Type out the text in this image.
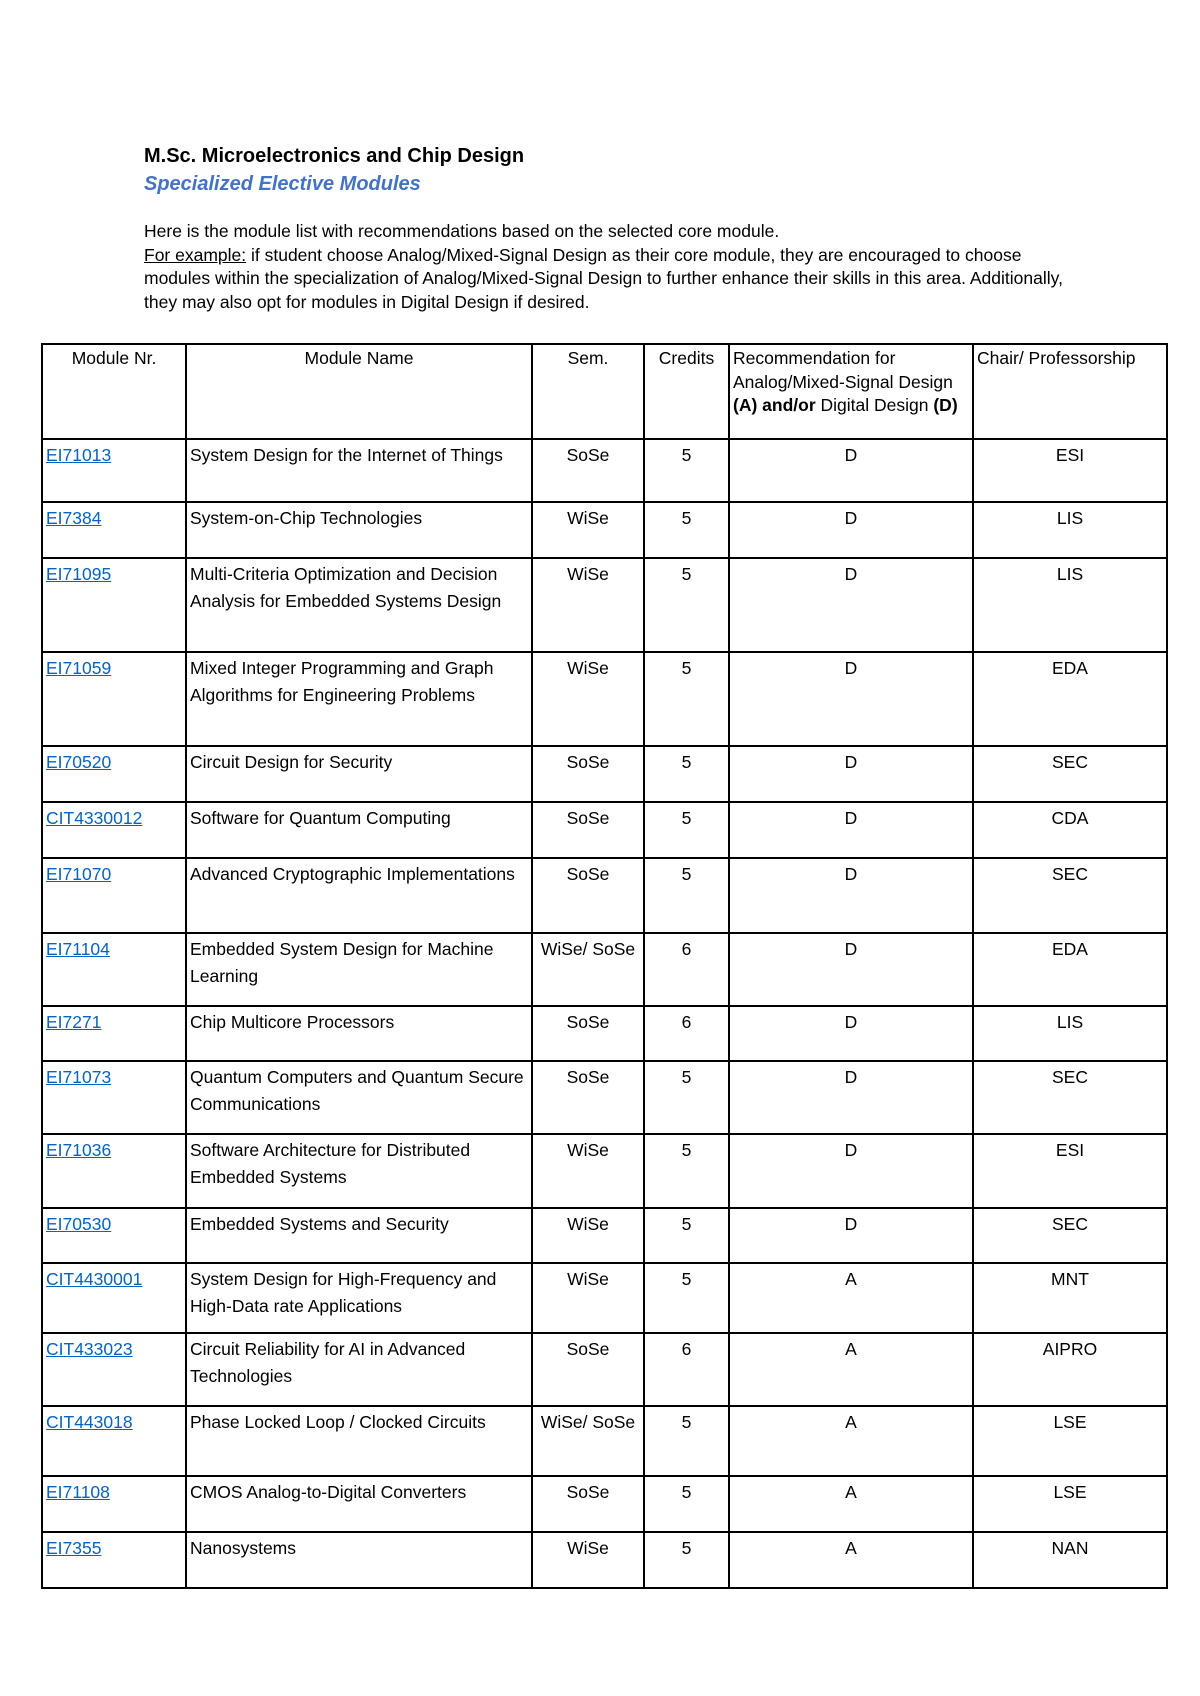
M.Sc. Microelectronics and Chip Design
Specialized Elective Modules

Here is the module list with recommendations based on the selected core module.

For example: if student choose Analog/Mixed-Signal Design as their core module, they are encouraged to choose modules within the specialization of Analog/Mixed-Signal Design to further enhance their skills in this area. Additionally, they may also opt for modules in Digital Design if desired.

Module Nr.	Module Name	Sem.	Credits	Recommendation for Analog/Mixed-Signal Design (A) and/or Digital Design (D)	Chair/ Professorship
EI71013	System Design for the Internet of Things	SoSe	5	D	ESI
EI7384	System-on-Chip Technologies	WiSe	5	D	LIS
EI71095	Multi-Criteria Optimization and Decision Analysis for Embedded Systems Design	WiSe	5	D	LIS
EI71059	Mixed Integer Programming and Graph Algorithms for Engineering Problems	WiSe	5	D	EDA
EI70520	Circuit Design for Security	SoSe	5	D	SEC
CIT4330012	Software for Quantum Computing	SoSe	5	D	CDA
EI71070	Advanced Cryptographic Implementations	SoSe	5	D	SEC
EI71104	Embedded System Design for Machine Learning	WiSe/ SoSe	6	D	EDA
EI7271	Chip Multicore Processors	SoSe	6	D	LIS
EI71073	Quantum Computers and Quantum Secure Communications	SoSe	5	D	SEC
EI71036	Software Architecture for Distributed Embedded Systems	WiSe	5	D	ESI
EI70530	Embedded Systems and Security	WiSe	5	D	SEC
CIT4430001	System Design for High-Frequency and High-Data rate Applications	WiSe	5	A	MNT
CIT433023	Circuit Reliability for AI in Advanced Technologies	SoSe	6	A	AIPRO
CIT443018	Phase Locked Loop / Clocked Circuits	WiSe/ SoSe	5	A	LSE
EI71108	CMOS Analog-to-Digital Converters	SoSe	5	A	LSE
EI7355	Nanosystems	WiSe	5	A	NAN
